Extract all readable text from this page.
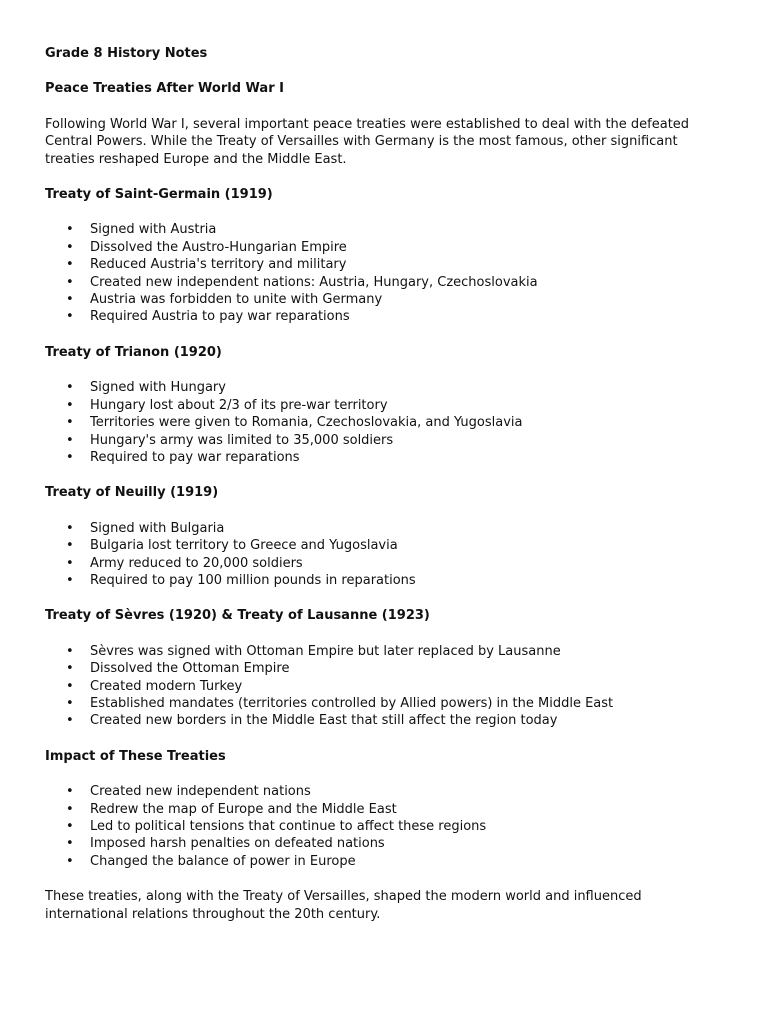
Grade 8 History Notes
Peace Treaties After World War I
Following World War I, several important peace treaties were established to deal with the defeated Central Powers. While the Treaty of Versailles with Germany is the most famous, other significant treaties reshaped Europe and the Middle East.
Treaty of Saint-Germain (1919)
• Signed with Austria
• Dissolved the Austro-Hungarian Empire
• Reduced Austria's territory and military
• Created new independent nations: Austria, Hungary, Czechoslovakia
• Austria was forbidden to unite with Germany
• Required Austria to pay war reparations
Treaty of Trianon (1920)
• Signed with Hungary
• Hungary lost about 2/3 of its pre-war territory
• Territories were given to Romania, Czechoslovakia, and Yugoslavia
• Hungary's army was limited to 35,000 soldiers
• Required to pay war reparations
Treaty of Neuilly (1919)
• Signed with Bulgaria
• Bulgaria lost territory to Greece and Yugoslavia
• Army reduced to 20,000 soldiers
• Required to pay 100 million pounds in reparations
Treaty of Sèvres (1920) & Treaty of Lausanne (1923)
• Sèvres was signed with Ottoman Empire but later replaced by Lausanne
• Dissolved the Ottoman Empire
• Created modern Turkey
• Established mandates (territories controlled by Allied powers) in the Middle East
• Created new borders in the Middle East that still affect the region today
Impact of These Treaties
• Created new independent nations
• Redrew the map of Europe and the Middle East
• Led to political tensions that continue to affect these regions
• Imposed harsh penalties on defeated nations
• Changed the balance of power in Europe
These treaties, along with the Treaty of Versailles, shaped the modern world and influenced international relations throughout the 20th century.
